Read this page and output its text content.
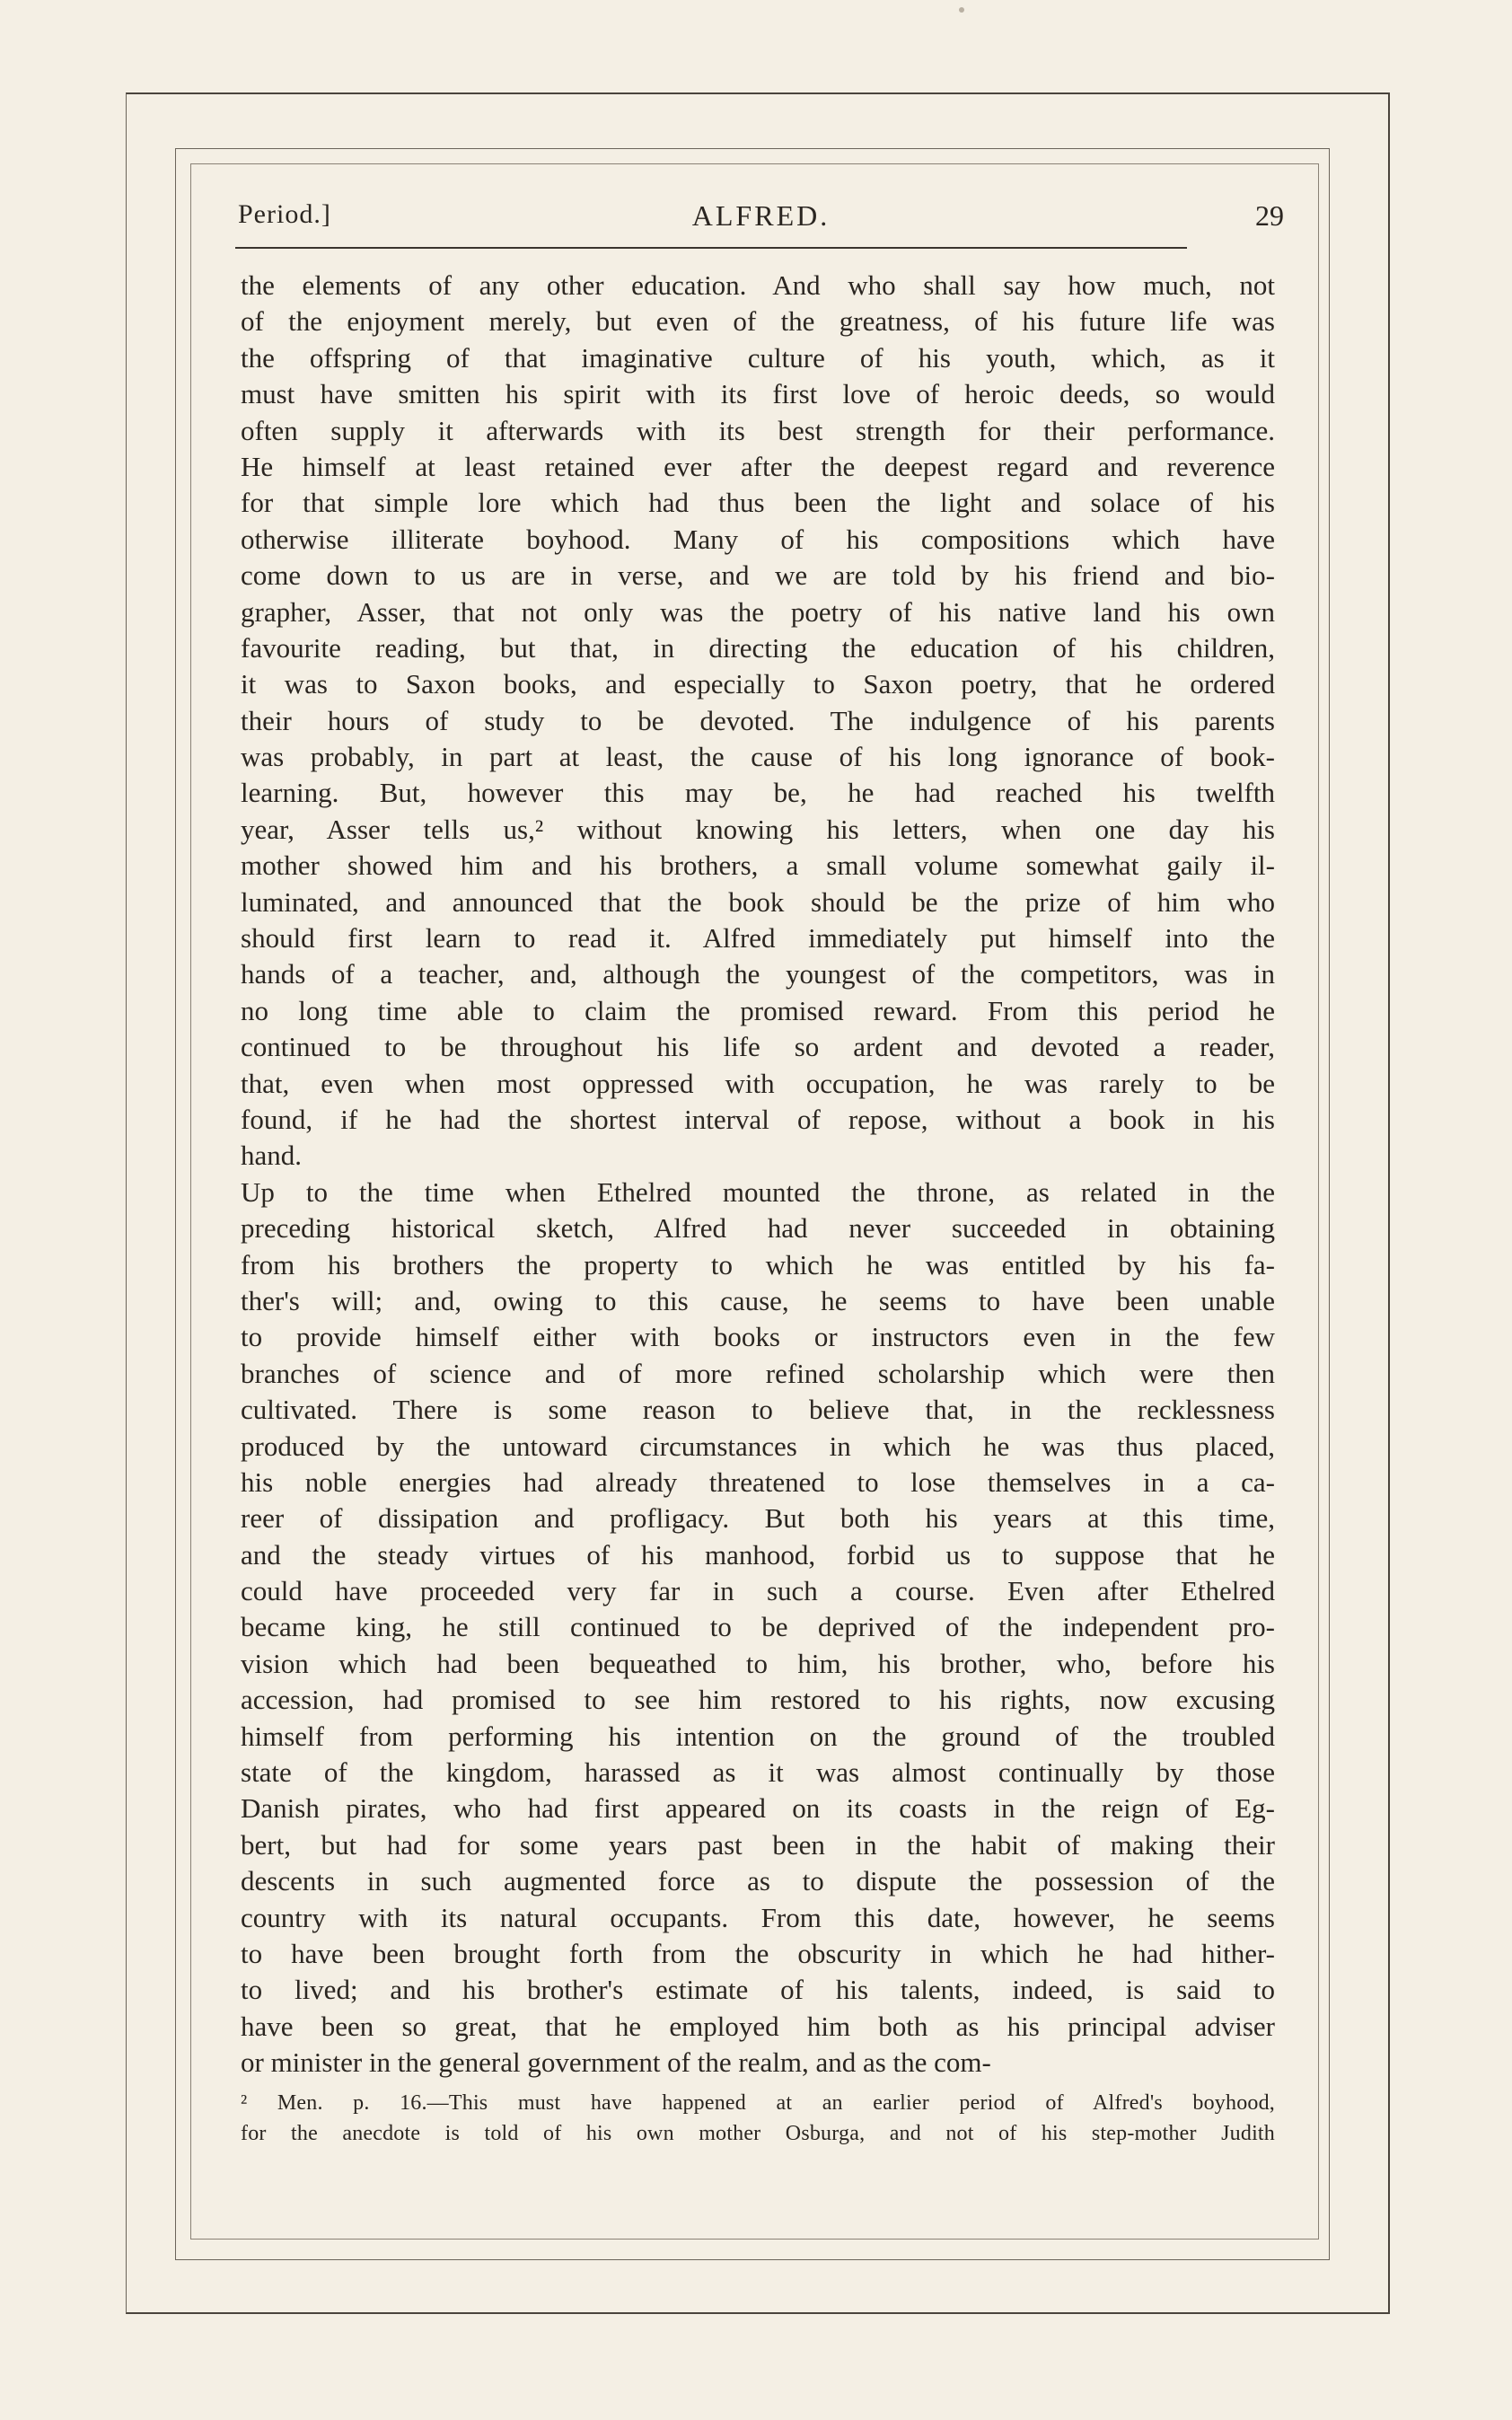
Period.]	ALFRED.	29
the elements of any other education. And who shall say how much, not
of the enjoyment merely, but even of the greatness, of his future life was
the offspring of that imaginative culture of his youth, which, as it
must have smitten his spirit with its first love of heroic deeds, so would
often supply it afterwards with its best strength for their performance.
He himself at least retained ever after the deepest regard and reverence
for that simple lore which had thus been the light and solace of his
otherwise illiterate boyhood. Many of his compositions which have
come down to us are in verse, and we are told by his friend and bio-
grapher, Asser, that not only was the poetry of his native land his own
favourite reading, but that, in directing the education of his children,
it was to Saxon books, and especially to Saxon poetry, that he ordered
their hours of study to be devoted. The indulgence of his parents
was probably, in part at least, the cause of his long ignorance of book-
learning. But, however this may be, he had reached his twelfth
year, Asser tells us,² without knowing his letters, when one day his
mother showed him and his brothers, a small volume somewhat gaily il-
luminated, and announced that the book should be the prize of him who
should first learn to read it. Alfred immediately put himself into the
hands of a teacher, and, although the youngest of the competitors, was in
no long time able to claim the promised reward. From this period he
continued to be throughout his life so ardent and devoted a reader,
that, even when most oppressed with occupation, he was rarely to be
found, if he had the shortest interval of repose, without a book in his
hand.
Up to the time when Ethelred mounted the throne, as related in the
preceding historical sketch, Alfred had never succeeded in obtaining
from his brothers the property to which he was entitled by his fa-
ther's will; and, owing to this cause, he seems to have been unable
to provide himself either with books or instructors even in the few
branches of science and of more refined scholarship which were then
cultivated. There is some reason to believe that, in the recklessness
produced by the untoward circumstances in which he was thus placed,
his noble energies had already threatened to lose themselves in a ca-
reer of dissipation and profligacy. But both his years at this time,
and the steady virtues of his manhood, forbid us to suppose that he
could have proceeded very far in such a course. Even after Ethelred
became king, he still continued to be deprived of the independent pro-
vision which had been bequeathed to him, his brother, who, before his
accession, had promised to see him restored to his rights, now excusing
himself from performing his intention on the ground of the troubled
state of the kingdom, harassed as it was almost continually by those
Danish pirates, who had first appeared on its coasts in the reign of Eg-
bert, but had for some years past been in the habit of making their
descents in such augmented force as to dispute the possession of the
country with its natural occupants. From this date, however, he seems
to have been brought forth from the obscurity in which he had hither-
to lived; and his brother's estimate of his talents, indeed, is said to
have been so great, that he employed him both as his principal adviser
or minister in the general government of the realm, and as the com-
² Men. p. 16.—This must have happened at an earlier period of Alfred's boyhood,
for the anecdote is told of his own mother Osburga, and not of his step-mother Judith
